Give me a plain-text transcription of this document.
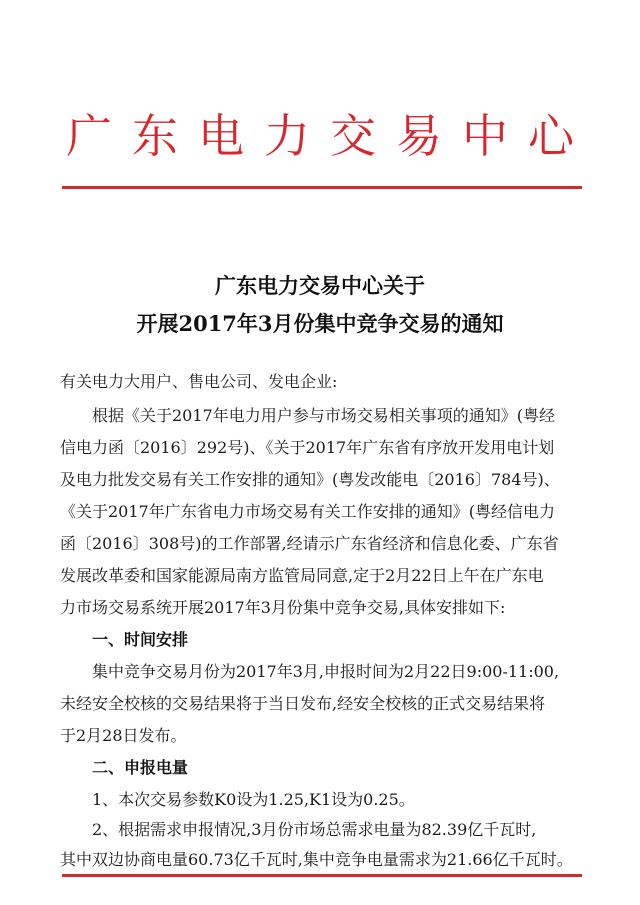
广东电力交易中心
广东电力交易中心关于
开展2017年3月份集中竞争交易的通知
有关电力大用户、售电公司、发电企业:
根据《关于2017年电力用户参与市场交易相关事项的通知》(粤经
信电力函〔2016〕292号)、《关于2017年广东省有序放开发用电计划
及电力批发交易有关工作安排的通知》(粤发改能电〔2016〕784号)、
《关于2017年广东省电力市场交易有关工作安排的通知》(粤经信电力
函〔2016〕308号)的工作部署,经请示广东省经济和信息化委、广东省
发展改革委和国家能源局南方监管局同意,定于2月22日上午在广东电
力市场交易系统开展2017年3月份集中竞争交易,具体安排如下:
一、时间安排
集中竞争交易月份为2017年3月,申报时间为2月22日9:00-11:00,
未经安全校核的交易结果将于当日发布,经安全校核的正式交易结果将
于2月28日发布。
二、申报电量
1、本次交易参数K0设为1.25,K1设为0.25。
2、根据需求申报情况,3月份市场总需求电量为82.39亿千瓦时,
其中双边协商电量60.73亿千瓦时,集中竞争电量需求为21.66亿千瓦时。
